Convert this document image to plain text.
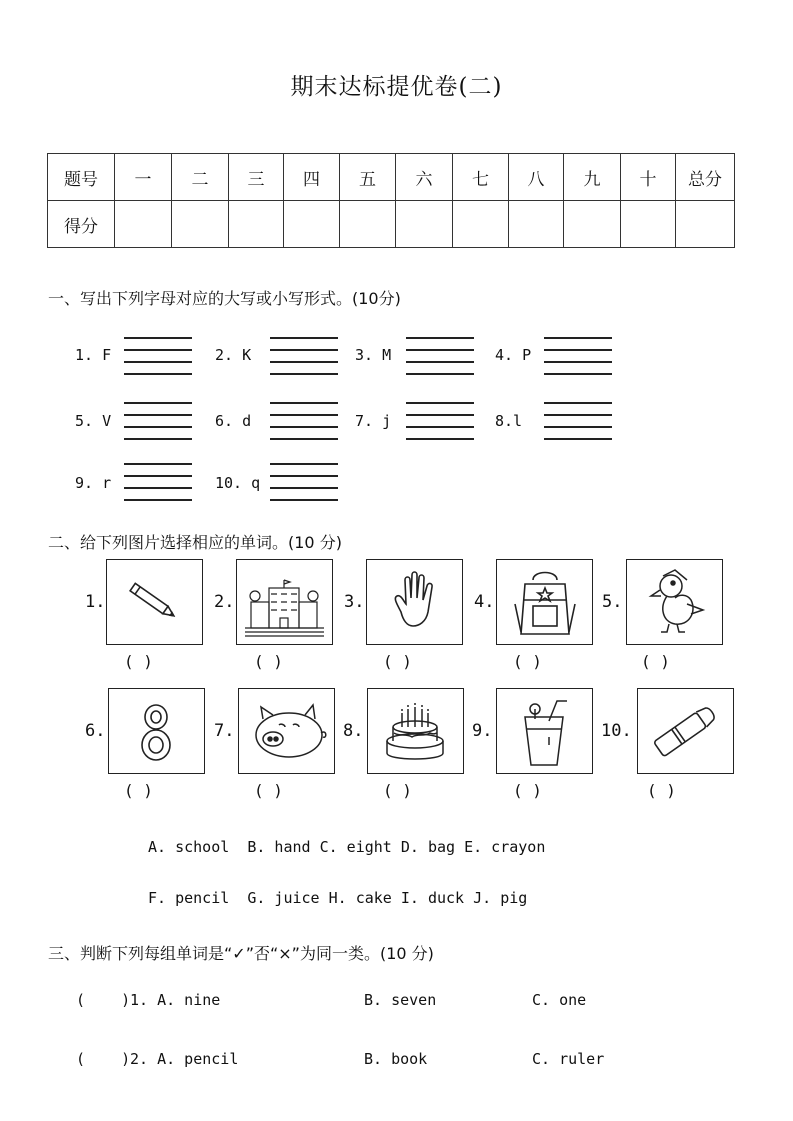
期末达标提优卷(二)
题号	一	二	三	四	五	六	七	八	九	十	总分
得分											
一、写出下列字母对应的大写或小写形式。(10分)
1. F	2. K	3. M	4. P
5. V	6. d	7. j	8.l
9. r	10. q
二、给下列图片选择相应的单词。(10 分)
1.	2.	3.	4.	5.
( )	( )	( )	( )	( )
6.	7.	8.	9.	10.
( )	( )	( )	( )	( )
A. school  B. hand C. eight D. bag E. crayon
F. pencil  G. juice H. cake I. duck J. pig
三、判断下列每组单词是“✓”否“×”为同一类。(10 分)
(    ) 1. A. nine	B. seven	C. one
(    ) 2. A. pencil	B. book	C. ruler
